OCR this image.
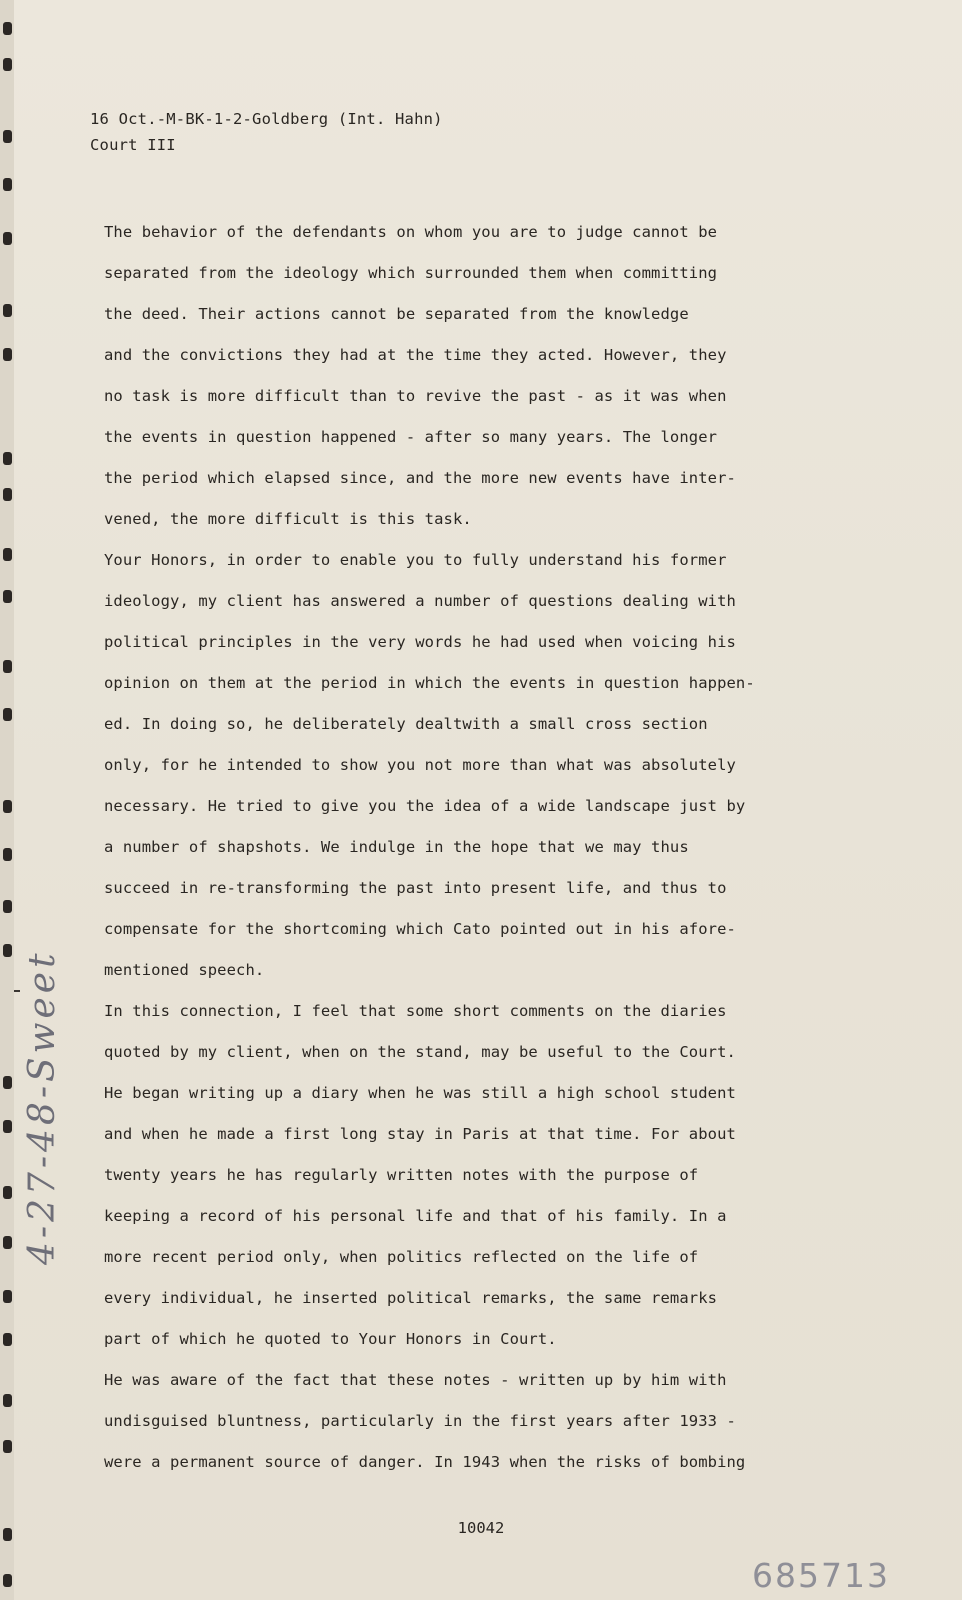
16 Oct.-M-BK-1-2-Goldberg (Int. Hahn)
Court III
The behavior of the defendants on whom you are to judge cannot be
separated from the ideology which surrounded them when committing
the deed. Their actions cannot be separated from the knowledge
and the convictions they had at the time they acted. However, they
no task is more difficult than to revive the past - as it was when
the events in question happened - after so many years. The longer
the period which elapsed since, and the more new events have inter-
vened, the more difficult is this task.
Your Honors, in order to enable you to fully understand his former
ideology, my client has answered a number of questions dealing with
political principles in the very words he had used when voicing his
opinion on them at the period in which the events in question happen-
ed. In doing so, he deliberately dealtwith a small cross section
only, for he intended to show you not more than what was absolutely
necessary. He tried to give you the idea of a wide landscape just by
a number of shapshots. We indulge in the hope that we may thus
succeed in re-transforming the past into present life, and thus to
compensate for the shortcoming which Cato pointed out in his afore-
mentioned speech.
In this connection, I feel that some short comments on the diaries
quoted by my client, when on the stand, may be useful to the Court.
He began writing up a diary when he was still a high school student
and when he made a first long stay in Paris at that time. For about
twenty years he has regularly written notes with the purpose of
keeping a record of his personal life and that of his family. In a
more recent period only, when politics reflected on the life of
every individual, he inserted political remarks, the same remarks
part of which he quoted to Your Honors in Court.
He was aware of the fact that these notes - written up by him with
undisguised bluntness, particularly in the first years after 1933 -
were a permanent source of danger. In 1943 when the risks of bombing
4-27-48-Sweet
10042
685713
